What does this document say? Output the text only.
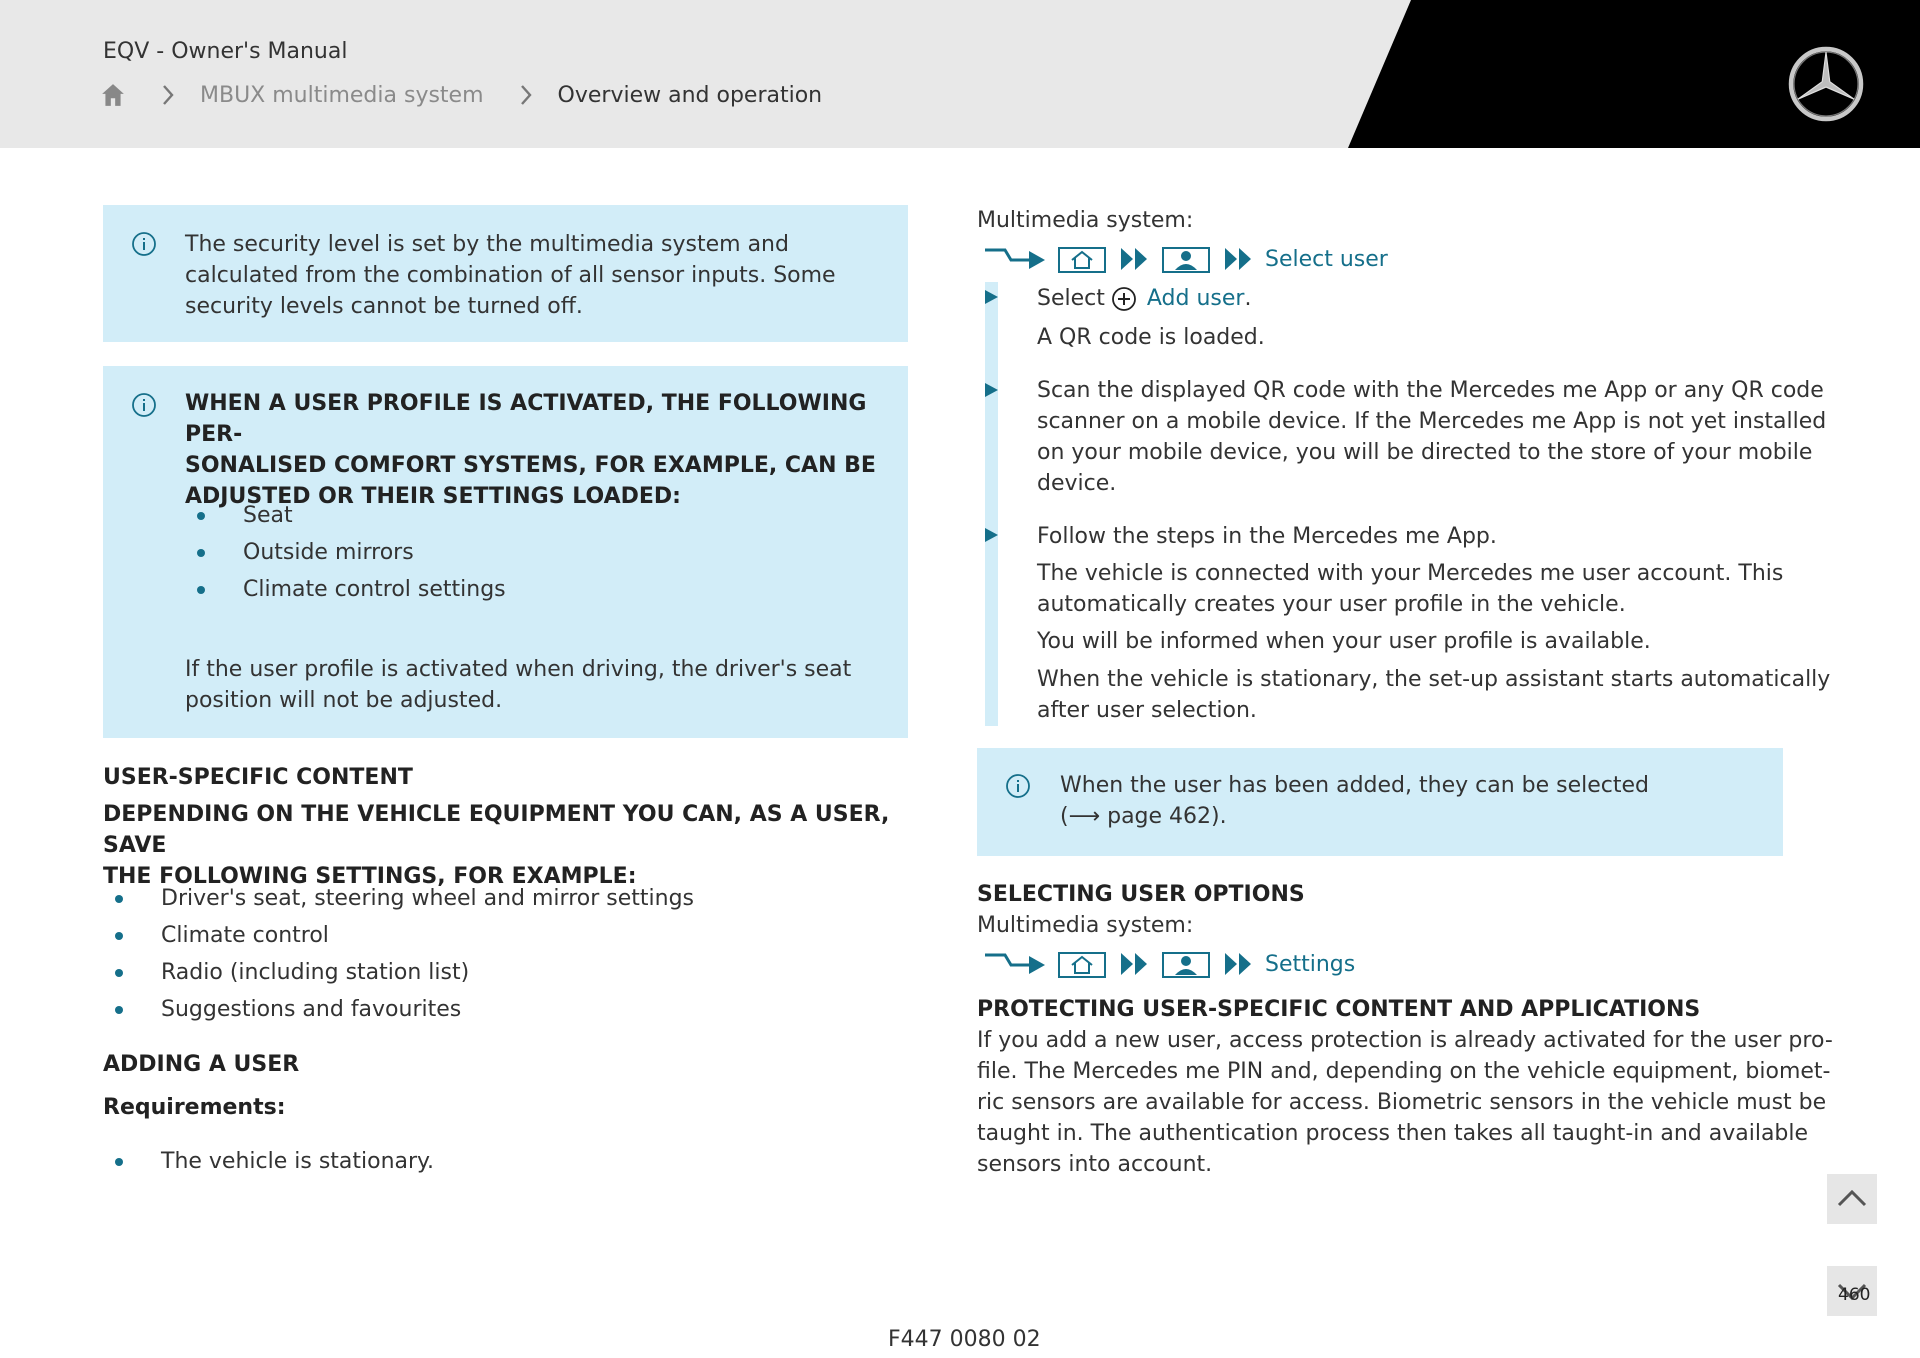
EQV - Owner's Manual
MBUX multimedia system	Overview and operation
The security level is set by the multimedia system and calculated from the combination of all sensor inputs. Some security levels cannot be turned off.
WHEN A USER PROFILE IS ACTIVATED, THE FOLLOWING PER-
SONALISED COMFORT SYSTEMS, FOR EXAMPLE, CAN BE
ADJUSTED OR THEIR SETTINGS LOADED:
Seat
Outside mirrors
Climate control settings
If the user profile is activated when driving, the driver's seat
position will not be adjusted.
USER-SPECIFIC CONTENT
DEPENDING ON THE VEHICLE EQUIPMENT YOU CAN, AS A USER, SAVE
THE FOLLOWING SETTINGS, FOR EXAMPLE:
Driver's seat, steering wheel and mirror settings
Climate control
Radio (including station list)
Suggestions and favourites
ADDING A USER
Requirements:
The vehicle is stationary.
Multimedia system:
Select user
Select Add user .
A QR code is loaded.
Scan the displayed QR code with the Mercedes me App or any QR code
scanner on a mobile device. If the Mercedes me App is not yet installed
on your mobile device, you will be directed to the store of your mobile
device.
Follow the steps in the Mercedes me App.
The vehicle is connected with your Mercedes me user account. This
automatically creates your user profile in the vehicle.
You will be informed when your user profile is available.
When the vehicle is stationary, the set-up assistant starts automatically
after user selection.
When the user has been added, they can be selected
(⟶ page 462).
SELECTING USER OPTIONS
Multimedia system:
Settings
PROTECTING USER-SPECIFIC CONTENT AND APPLICATIONS
If you add a new user, access protection is already activated for the user pro-
file. The Mercedes me PIN and, depending on the vehicle equipment, biomet-
ric sensors are available for access. Biometric sensors in the vehicle must be
taught in. The authentication process then takes all taught-in and available
sensors into account.
460
F447 0080 02
